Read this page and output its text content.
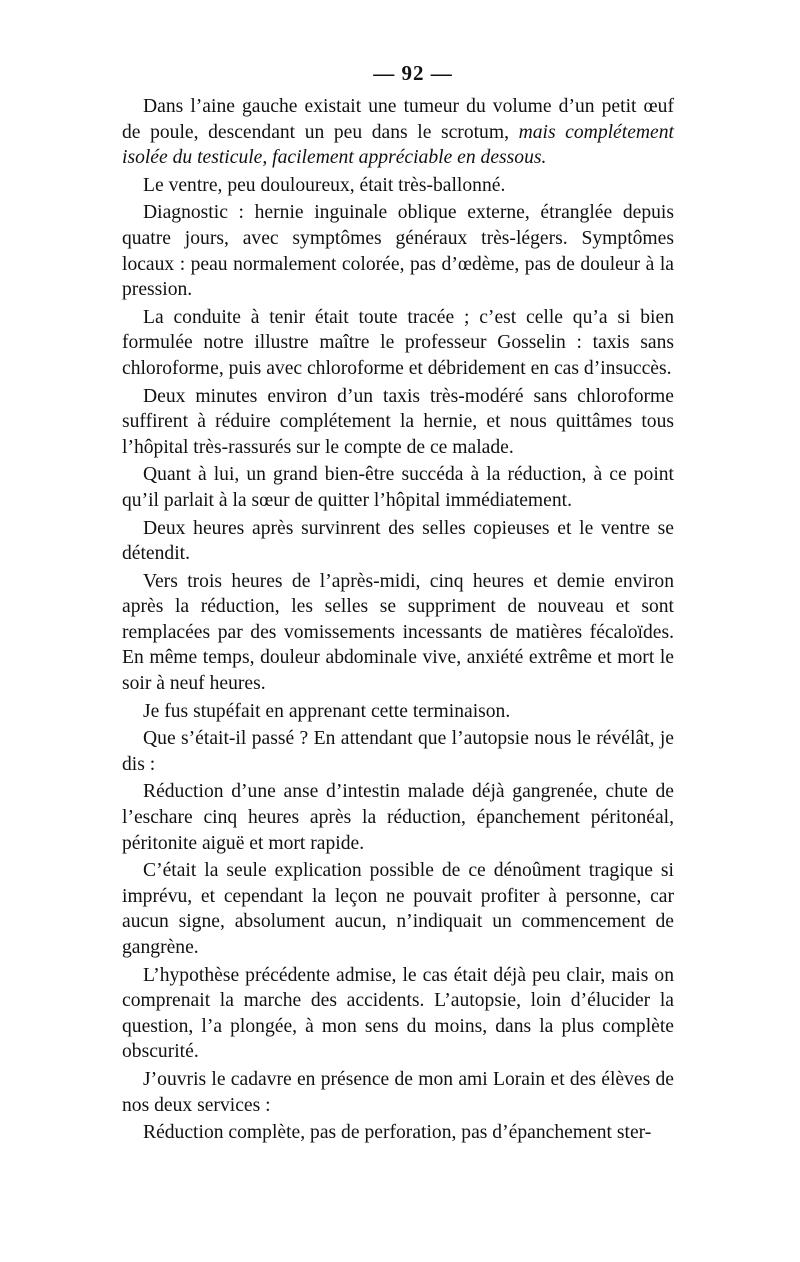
— 92 —

Dans l’aine gauche existait une tumeur du volume d’un petit œuf de poule, descendant un peu dans le scrotum, mais complétement isolée du testicule, facilement appréciable en dessous.

Le ventre, peu douloureux, était très-ballonné.

Diagnostic : hernie inguinale oblique externe, étranglée depuis quatre jours, avec symptômes généraux très-légers. Symptômes locaux : peau normalement colorée, pas d’œdème, pas de douleur à la pression.

La conduite à tenir était toute tracée ; c’est celle qu’a si bien formulée notre illustre maître le professeur Gosselin : taxis sans chloroforme, puis avec chloroforme et débridement en cas d’insuccès.

Deux minutes environ d’un taxis très-modéré sans chloroforme suffirent à réduire complétement la hernie, et nous quittâmes tous l’hôpital très-rassurés sur le compte de ce malade.

Quant à lui, un grand bien-être succéda à la réduction, à ce point qu’il parlait à la sœur de quitter l’hôpital immédiatement.

Deux heures après survinrent des selles copieuses et le ventre se détendit.

Vers trois heures de l’après-midi, cinq heures et demie environ après la réduction, les selles se suppriment de nouveau et sont remplacées par des vomissements incessants de matières fécaloïdes. En même temps, douleur abdominale vive, anxiété extrême et mort le soir à neuf heures.

Je fus stupéfait en apprenant cette terminaison.

Que s’était-il passé ? En attendant que l’autopsie nous le révélât, je dis :

Réduction d’une anse d’intestin malade déjà gangrenée, chute de l’eschare cinq heures après la réduction, épanchement péritonéal, péritonite aiguë et mort rapide.

C’était la seule explication possible de ce dénoûment tragique si imprévu, et cependant la leçon ne pouvait profiter à personne, car aucun signe, absolument aucun, n’indiquait un commencement de gangrène.

L’hypothèse précédente admise, le cas était déjà peu clair, mais on comprenait la marche des accidents. L’autopsie, loin d’élucider la question, l’a plongée, à mon sens du moins, dans la plus complète obscurité.

J’ouvris le cadavre en présence de mon ami Lorain et des élèves de nos deux services :

Réduction complète, pas de perforation, pas d’épanchement ster-
